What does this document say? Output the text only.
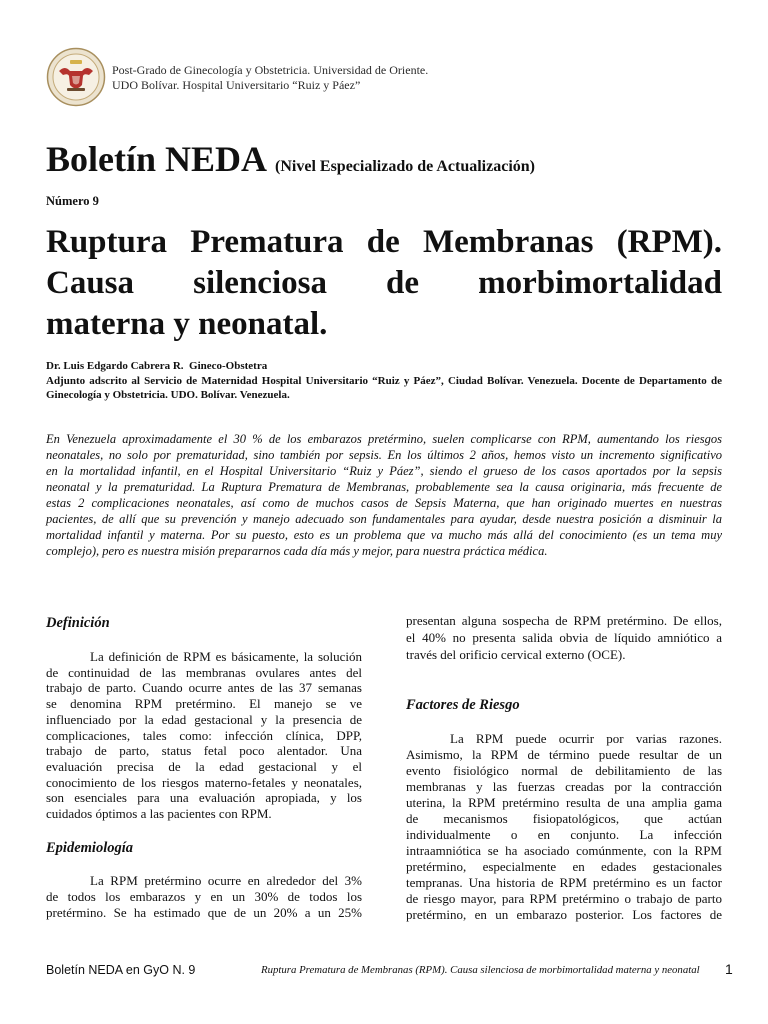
Post-Grado de Ginecología y Obstetricia. Universidad de Oriente.
UDO Bolívar. Hospital Universitario “Ruiz y Páez”
Boletín NEDA (Nivel Especializado de Actualización)
Número 9
Ruptura Prematura de Membranas (RPM).
Causa silenciosa de morbimortalidad
materna y neonatal.
Dr. Luis Edgardo Cabrera R.  Gineco-Obstetra
Adjunto adscrito al Servicio de Maternidad Hospital Universitario “Ruiz y Páez”, Ciudad Bolívar. Venezuela. Docente de Departamento de
Ginecología y Obstetricia. UDO. Bolívar. Venezuela.
En Venezuela aproximadamente el 30 % de los embarazos pretérmino, suelen complicarse con RPM, aumentando los riesgos
neonatales, no solo por prematuridad, sino también por sepsis. En los últimos 2 años, hemos visto un incremento significativo
en la mortalidad infantil, en el Hospital Universitario “Ruiz y Páez”, siendo el grueso de los casos aportados por la sepsis
neonatal y la prematuridad. La Ruptura Prematura de Membranas, probablemente sea la causa originaria, más frecuente de
estas 2 complicaciones neonatales, así como de muchos casos de Sepsis Materna, que han originado muertes en nuestras
pacientes, de allí que su prevención y manejo adecuado son fundamentales para ayudar, desde nuestra posición a disminuir la
mortalidad infantil y materna. Por su puesto, esto es un problema que va mucho más allá del conocimiento (es un tema muy
complejo), pero es nuestra misión prepararnos cada día más y mejor, para nuestra práctica médica.
Definición
La definición de RPM es básicamente, la solución
de continuidad de las membranas ovulares antes del
trabajo de parto. Cuando ocurre antes de las 37 semanas
se denomina RPM pretérmino. El manejo se ve
influenciado por la edad gestacional y la presencia de
complicaciones, tales como: infección clínica, DPP,
trabajo de parto, status fetal poco alentador. Una
evaluación precisa de la edad gestacional y el
conocimiento de los riesgos materno-fetales y neonatales,
son esenciales para una evaluación apropiada, y los
cuidados óptimos a las pacientes con RPM.
Epidemiología
La RPM pretérmino ocurre en alrededor del 3%
de todos los embarazos y en un 30% de todos los
pretérmino. Se ha estimado que de un 20% a un 25%
presentan alguna sospecha de RPM pretérmino. De ellos,
el 40% no presenta salida obvia de líquido amniótico a
través del orificio cervical externo (OCE).
Factores de Riesgo
La RPM puede ocurrir por varias razones.
Asimismo, la RPM de término puede resultar de un
evento fisiológico normal de debilitamiento de las
membranas y las fuerzas creadas por la contracción
uterina, la RPM pretérmino resulta de una amplia gama
de mecanismos fisiopatológicos, que actúan
individualmente o en conjunto. La infección
intraamniótica se ha asociado comúnmente, con la RPM
pretérmino, especialmente en edades gestacionales
tempranas. Una historia de RPM pretérmino es un factor
de riesgo mayor, para RPM pretérmino o trabajo de parto
pretérmino, en un embarazo posterior. Los factores de
Boletín NEDA en GyO N. 9	Ruptura Prematura de Membranas (RPM). Causa silenciosa de morbimortalidad materna y neonatal 1
